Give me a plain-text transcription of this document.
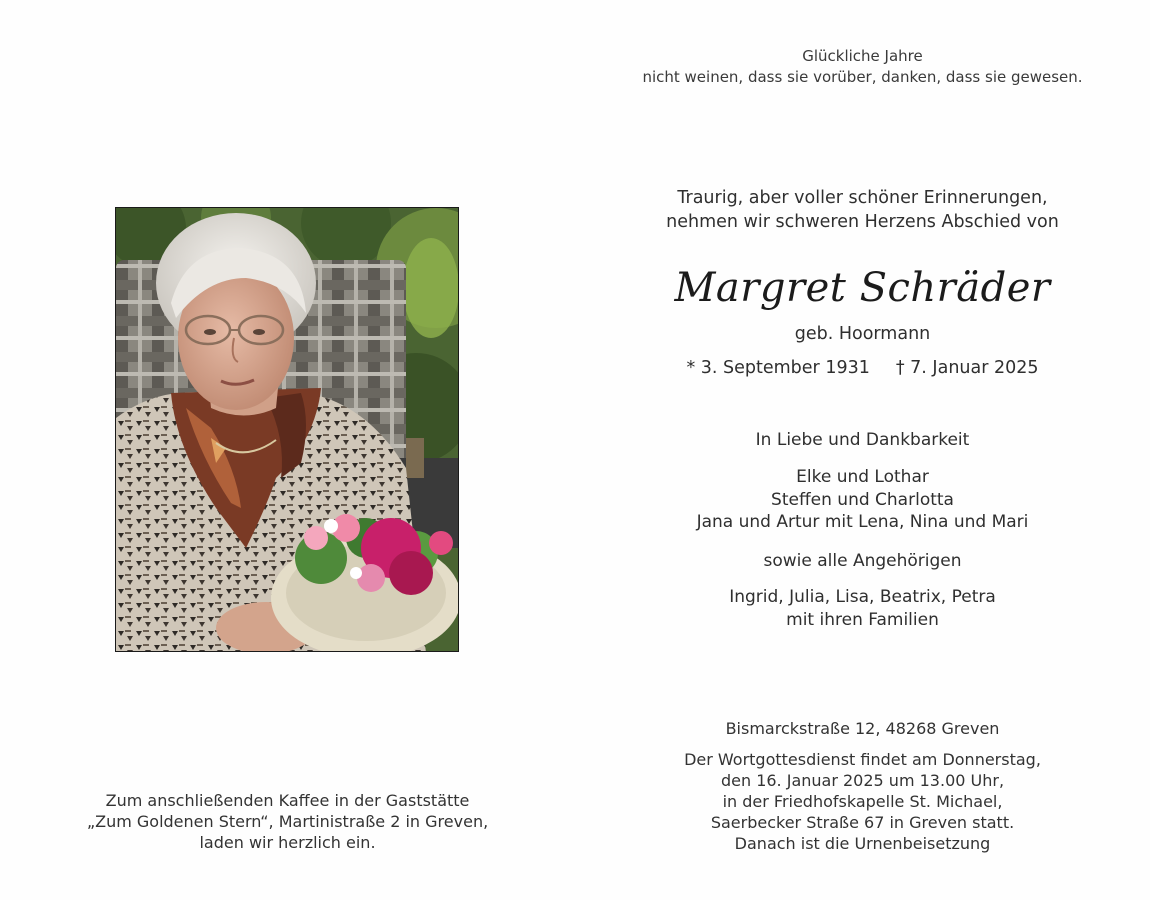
Glückliche Jahre
nicht weinen, dass sie vorüber, danken, dass sie gewesen.
Traurig, aber voller schöner Erinnerungen,
nehmen wir schweren Herzens Abschied von
Margret Schräder
geb. Hoormann
* 3. September 1931 † 7. Januar 2025
In Liebe und Dankbarkeit
Elke und Lothar
Steffen und Charlotta
Jana und Artur mit Lena, Nina und Mari
sowie alle Angehörigen
Ingrid, Julia, Lisa, Beatrix, Petra
mit ihren Familien
Bismarckstraße 12, 48268 Greven
Der Wortgottesdienst findet am Donnerstag,
den 16. Januar 2025 um 13.00 Uhr,
in der Friedhofskapelle St. Michael,
Saerbecker Straße 67 in Greven statt.
Danach ist die Urnenbeisetzung
Zum anschließenden Kaffee in der Gaststätte
„Zum Goldenen Stern“, Martinistraße 2 in Greven,
laden wir herzlich ein.
